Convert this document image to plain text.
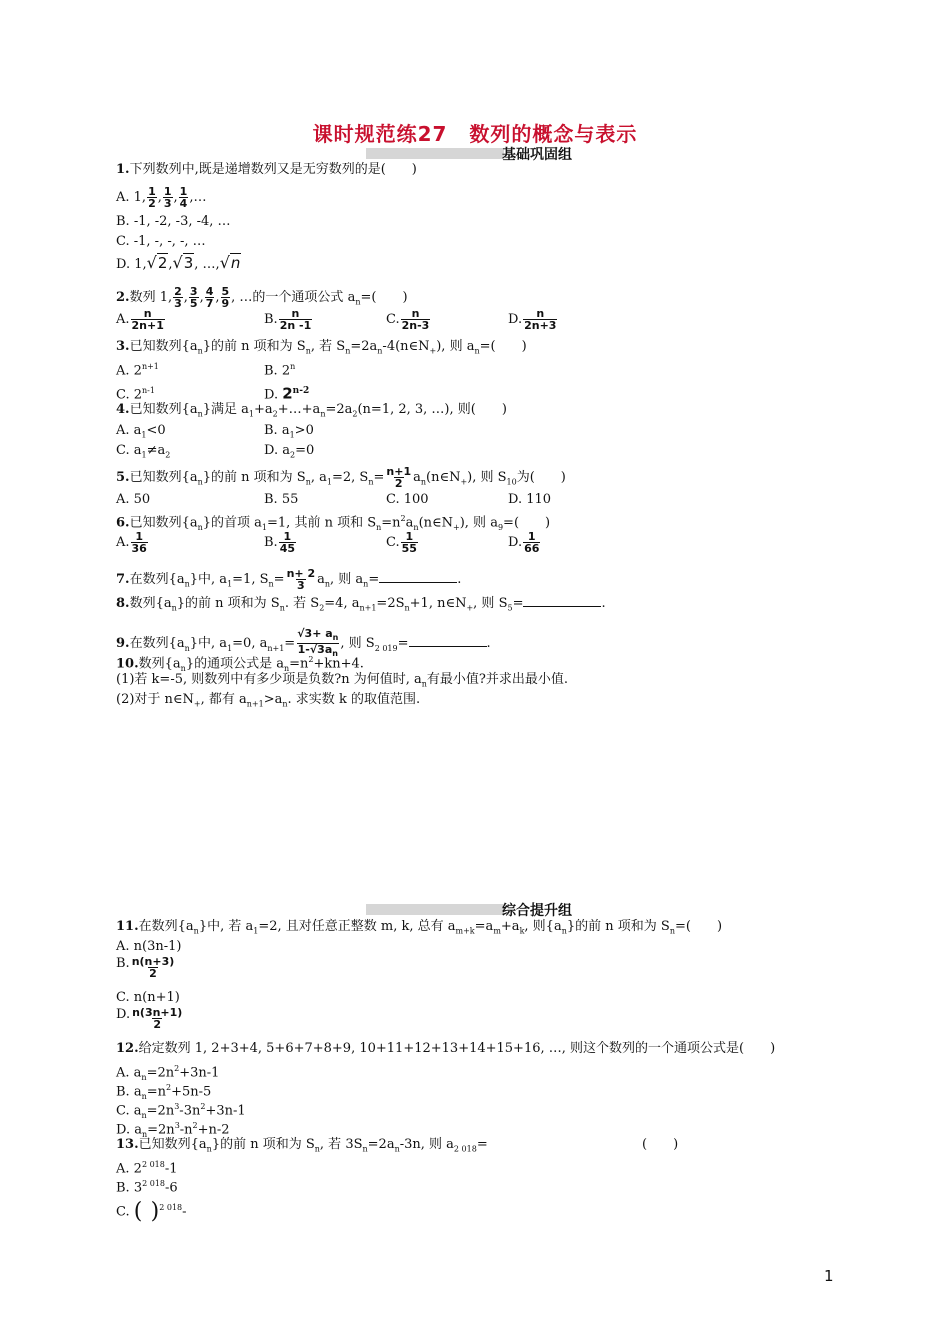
课时规范练27 数列的概念与表示
基础巩固组
1.下列数列中,既是递增数列又是无穷数列的是(　　)
A. 1, $\frac{1}{2}$ , $\frac{1}{3}$ , $\frac{1}{4}$ ,…
B. -1, -2, -3, -4, …
C. -1, -, -, -, …
D. 1,√2,√3, …,√n
2.数列 1, $\frac{2}{3}$ , $\frac{3}{5}$ , $\frac{4}{7}$ , $\frac{5}{9}$ , …的一个通项公式 $a_n=$(　　)
A. $\frac{n}{2n+1}$	B. $\frac{n}{2n -1}$	C. $\frac{n}{2n-3}$	D. $\frac{n}{2n+3}$
3.已知数列$\{a_n\}$的前 n 项和为 $S_n$, 若 $S_n=2a_n-4(n\in N_+)$, 则 $a_n=$(　　)
A. $2^{n+1}$	B. 2$^n$
C. 2$^{n-1}$	D. 2$^{n-2}$
4.已知数列$\{a_n\}$满足 $a_1+a_2+\dots+a_n=2a_2(n=1$, 2, 3, …), 则(　　)
A. $a_1<0$	B. $a_1>0$
C. $a_1\ne a_2$	D. $a_2=0$
5.已知数列$\{a_n\}$的前 n 项和为 $S_n$, $a_1=2$, $S_n= \frac{n+1}{2}$ $a_n(n\in N_+)$, 则 $S_{10}$为(　　)
A. 50	B. 55	C. 100	D. 110
6.已知数列$\{a_n\}$的首项 $a_1=1$, 其前 n 项和 $S_n=n^2a_n(n\in N_+)$, 则 $a_9=$(　　)
A. $\frac{1}{36}$	B. $\frac{1}{45}$	C. $\frac{1}{55}$	D. $\frac{1}{66}$
7.在数列$\{a_n\}$中, $a_1=1$, $S_n= \frac{n+ 2}{3} a_n$, 则 $a_n=$	.
8.数列$\{a_n\}$的前 n 项和为 $S_n$. 若 $S_2=4$, $a_{n+1}=2S_n+1$, $n\in N_+$, 则 $S_5=$	.
9.在数列$\{a_n\}$中, $a_1=0$, $a_{n+1}= \frac{√3+ a_n}{1-√3a_n}$ , 则 $S_{2 019}=$	.
10.数列$\{a_n\}$的通项公式是 $a_n=n^2+kn+4$.
(1)若 k=-5, 则数列中有多少项是负数?n 为何值时, $a_n$有最小值?并求出最小值.
(2)对于 $n\in N_+$, 都有 $a_{n+1}>a_n$. 求实数 k 的取值范围.
综合提升组
11.在数列$\{a_n\}$中, 若 $a_1=2$, 且对任意正整数 m, k, 总有 $a_{m+k}=a_m+a_k$, 则$\{a_n\}$的前 n 项和为 $S_n=$(　　)
A. n(3n-1)
B. $\frac{n(n+3)}{2}$
C. n(n+1)
D. $\frac{n(3n+1)}{2}$
12.给定数列 1, 2+3+4, 5+6+7+8+9, 10+11+12+13+14+15+16, …, 则这个数列的一个通项公式是(　　)
A. $a_n=2n^2+3n-1$
B. $a_n=n^2+5n-5$
C. $a_n=2n^3-3n^2+3n-1$
D. $a_n=2n^3-n^2+n-2$
13.已知数列$\{a_n\}$的前 n 项和为 $S_n$, 若 $3S_n=2a_n-3n$, 则 $a_{2 018}=$	(　　)
A. $2^{2 018}-1$
B. $3^{2 018}-6$
C. ( )$^{2 018}$-
1
